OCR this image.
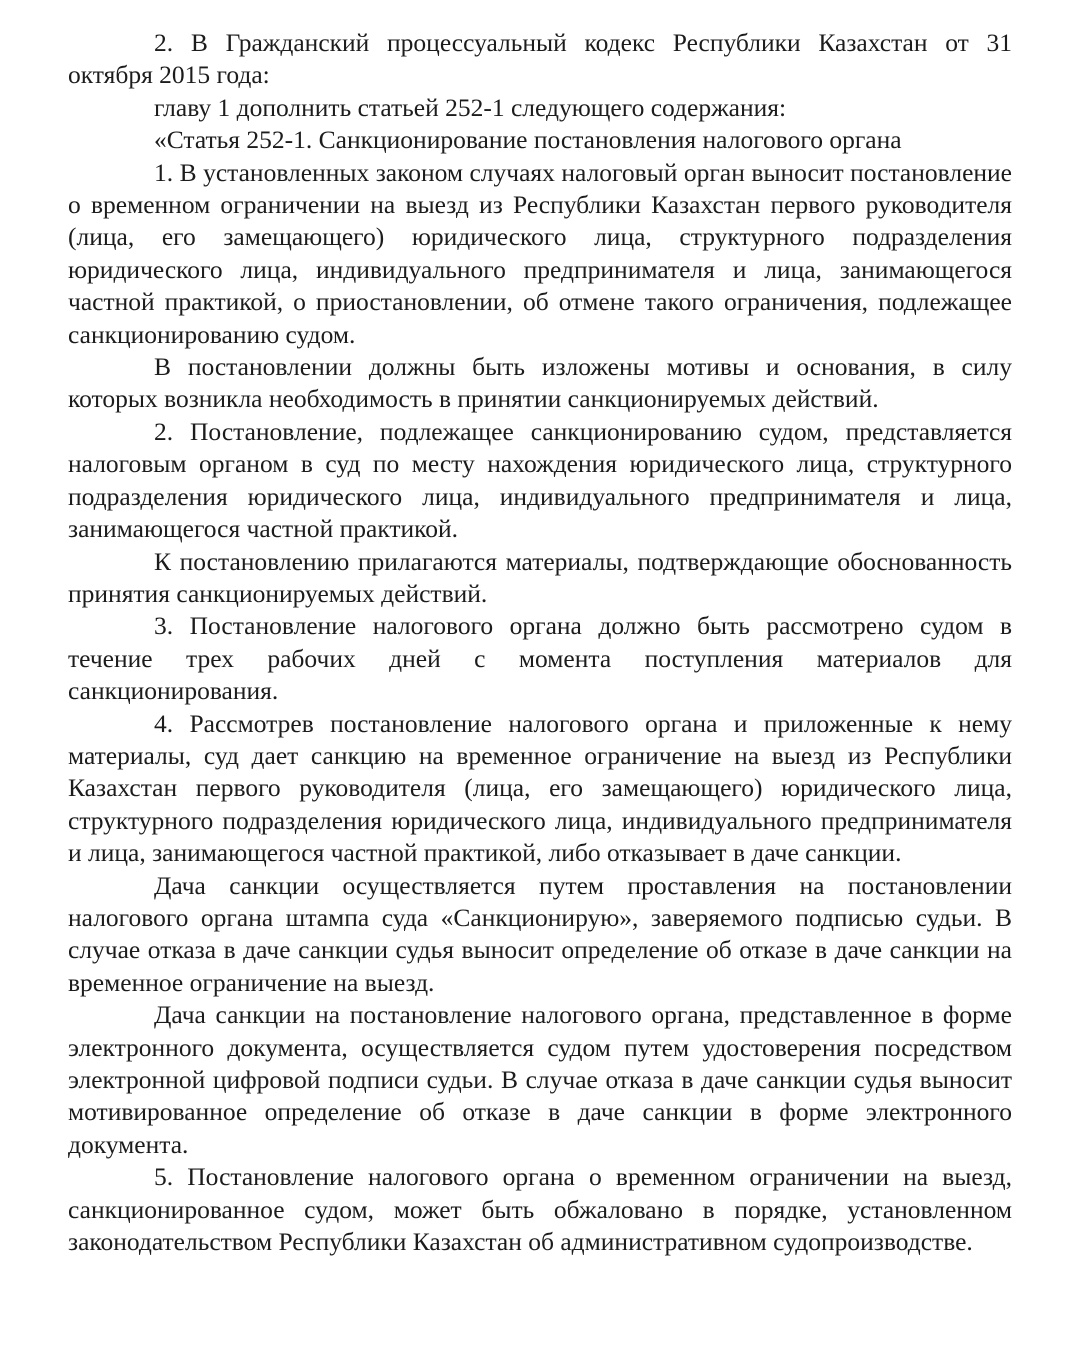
2. В Гражданский процессуальный кодекс Республики Казахстан от 31 октября 2015 года:

главу 1 дополнить статьей 252-1 следующего содержания:

«Статья 252-1. Санкционирование постановления налогового органа

1. В установленных законом случаях налоговый орган выносит постановление о временном ограничении на выезд из Республики Казахстан первого руководителя (лица, его замещающего) юридического лица, структурного подразделения юридического лица, индивидуального предпринимателя и лица, занимающегося частной практикой, о приостановлении, об отмене такого ограничения, подлежащее санкционированию судом.

В постановлении должны быть изложены мотивы и основания, в силу которых возникла необходимость в принятии санкционируемых действий.

2. Постановление, подлежащее санкционированию судом, представляется налоговым органом в суд по месту нахождения юридического лица, структурного подразделения юридического лица, индивидуального предпринимателя и лица, занимающегося частной практикой.

К постановлению прилагаются материалы, подтверждающие обоснованность принятия санкционируемых действий.

3. Постановление налогового органа должно быть рассмотрено судом в течение трех рабочих дней с момента поступления материалов для санкционирования.

4. Рассмотрев постановление налогового органа и приложенные к нему материалы, суд дает санкцию на временное ограничение на выезд из Республики Казахстан первого руководителя (лица, его замещающего) юридического лица, структурного подразделения юридического лица, индивидуального предпринимателя и лица, занимающегося частной практикой, либо отказывает в даче санкции.

Дача санкции осуществляется путем проставления на постановлении налогового органа штампа суда «Санкционирую», заверяемого подписью судьи. В случае отказа в даче санкции судья выносит определение об отказе в даче санкции на временное ограничение на выезд.

Дача санкции на постановление налогового органа, представленное в форме электронного документа, осуществляется судом путем удостоверения посредством электронной цифровой подписи судьи. В случае отказа в даче санкции судья выносит мотивированное определение об отказе в даче санкции в форме электронного документа.

5. Постановление налогового органа о временном ограничении на выезд, санкционированное судом, может быть обжаловано в порядке, установленном законодательством Республики Казахстан об административном судопроизводстве.
